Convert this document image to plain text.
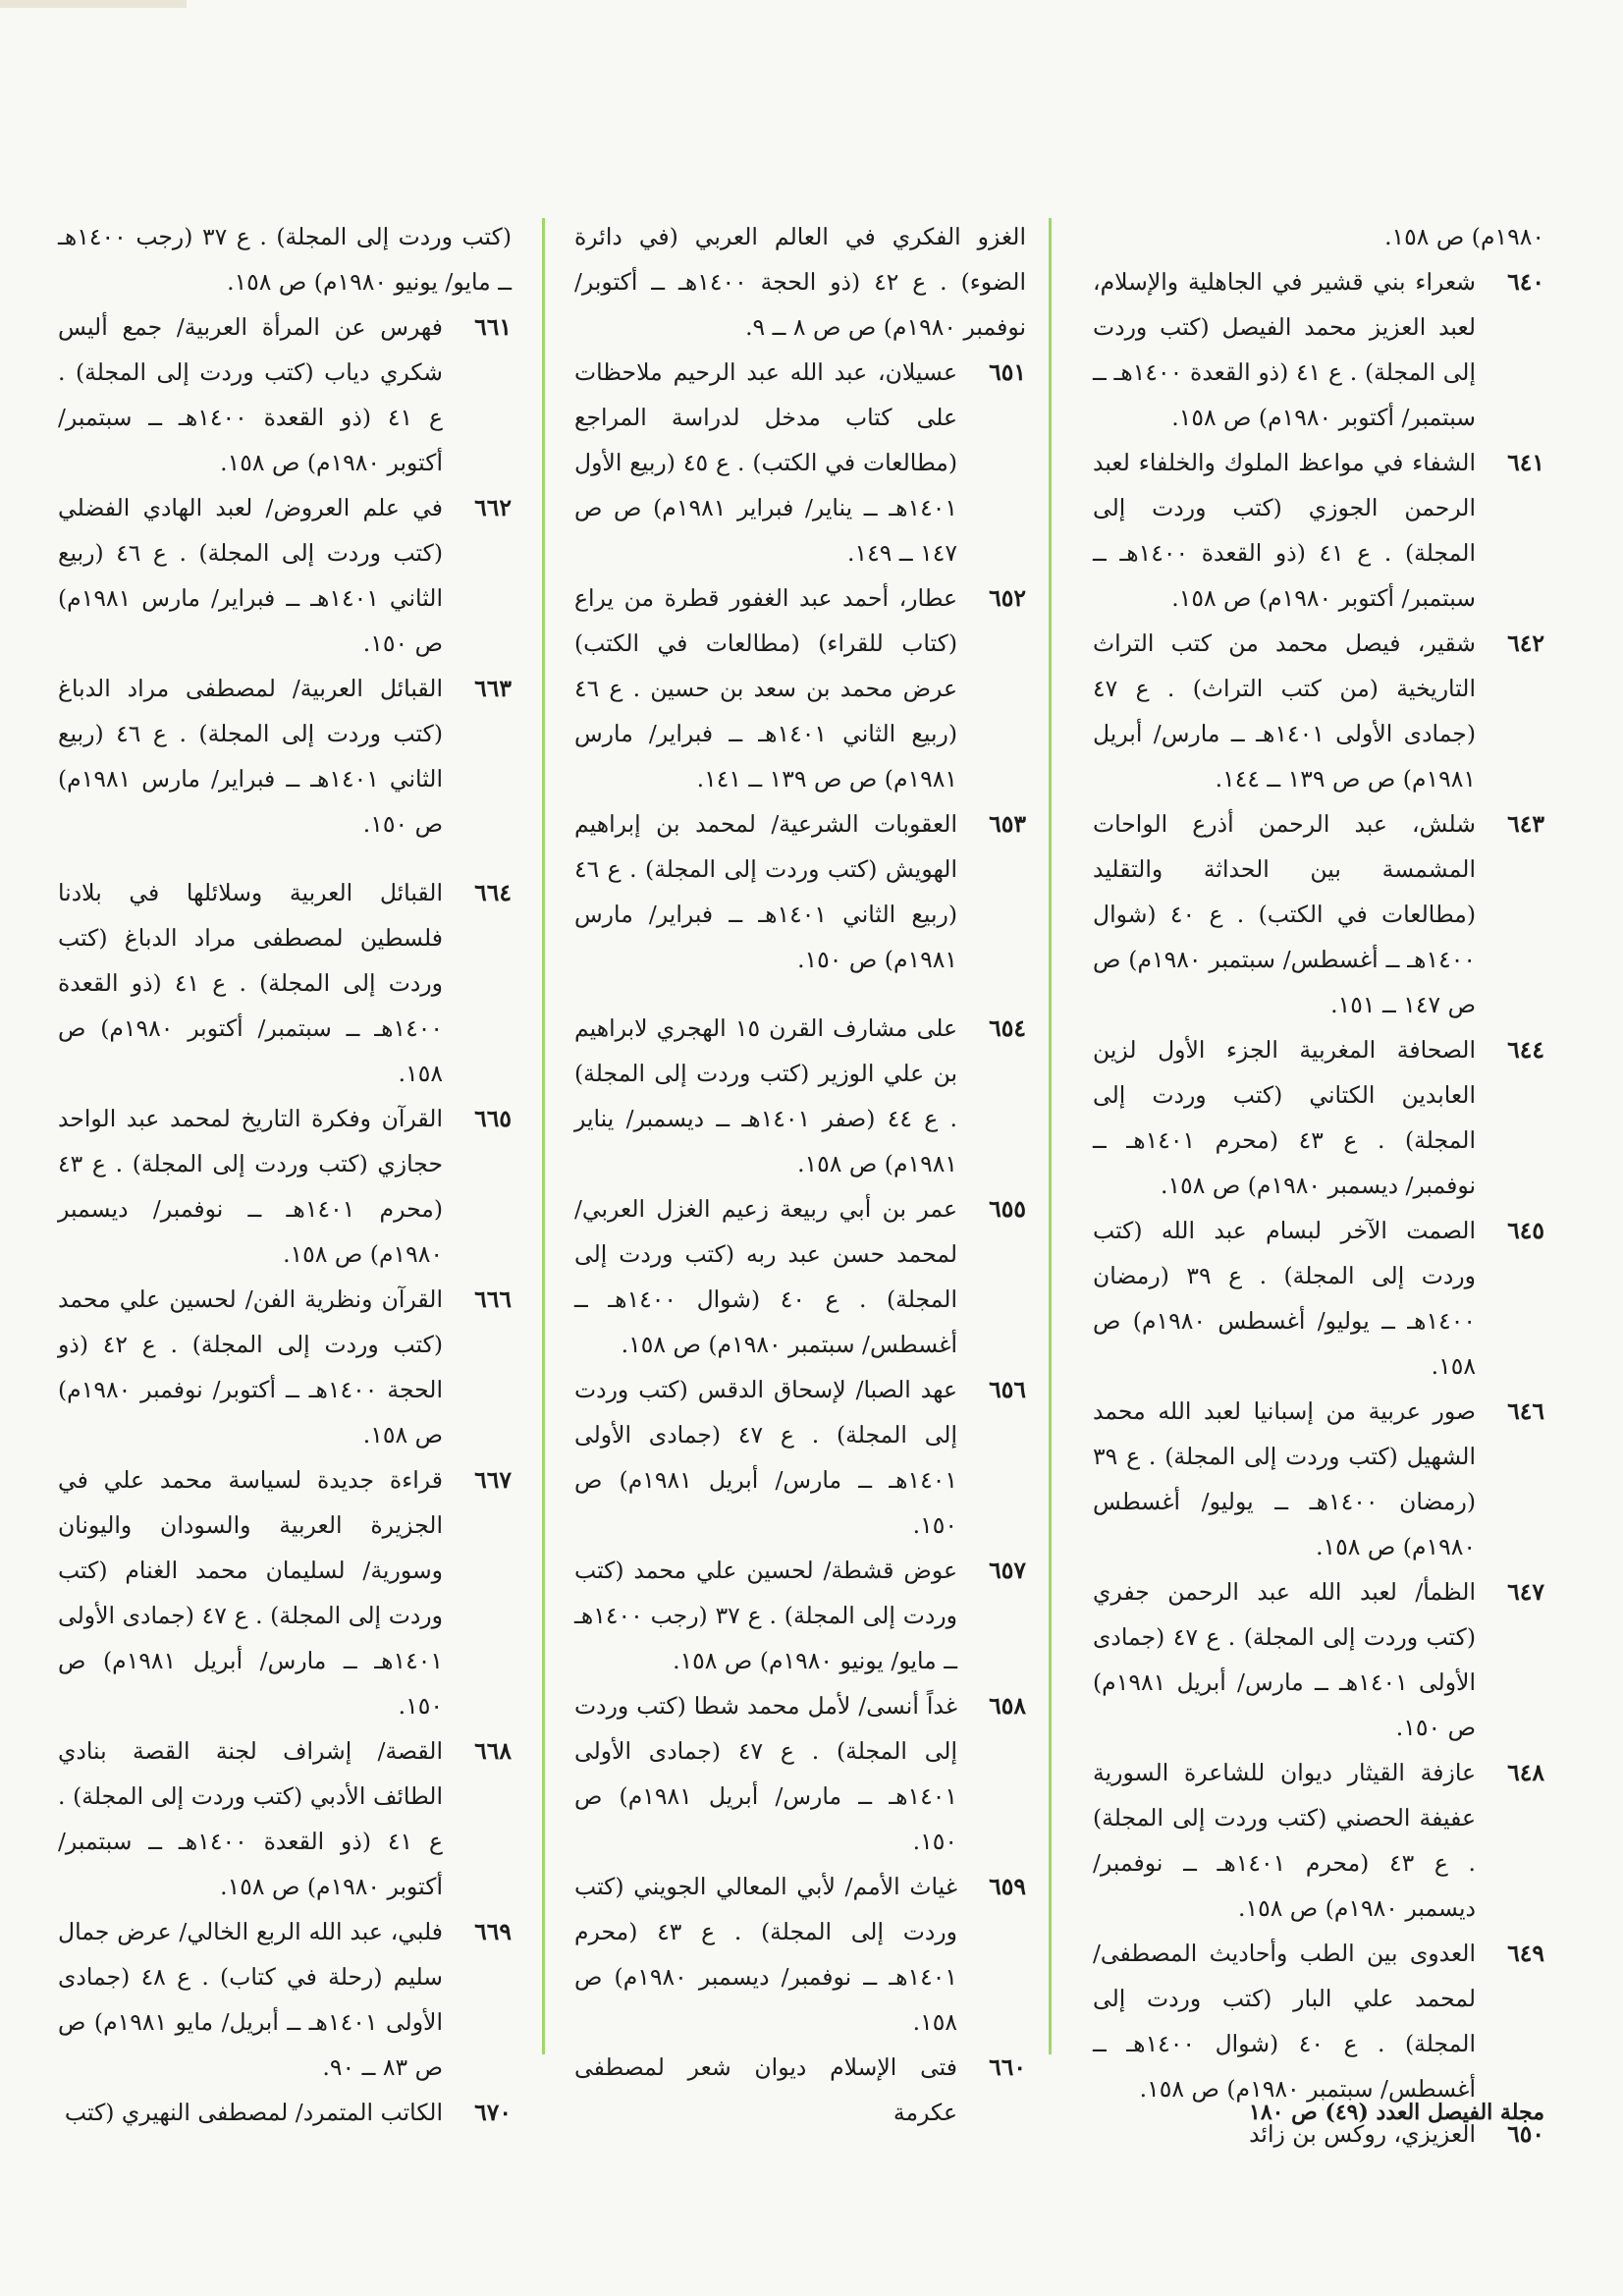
١٩٨٠م) ص ١٥٨.

٦٤٠
شعراء بني قشير في الجاهلية والإسلام، لعبد العزيز محمد الفيصل (كتب وردت إلى المجلة) . ع ٤١ (ذو القعدة ١٤٠٠هـ ــ سبتمبر/ أكتوبر ١٩٨٠م) ص ١٥٨.

٦٤١
الشفاء في مواعظ الملوك والخلفاء لعبد الرحمن الجوزي (كتب وردت إلى المجلة) . ع ٤١ (ذو القعدة ١٤٠٠هـ ــ سبتمبر/ أكتوبر ١٩٨٠م) ص ١٥٨.

٦٤٢
شقير، فيصل محمد من كتب التراث التاريخية (من كتب التراث) . ع ٤٧ (جمادى الأولى ١٤٠١هـ ــ مارس/ أبريل ١٩٨١م) ص ص ١٣٩ ــ ١٤٤.

٦٤٣
شلش، عبد الرحمن أذرع الواحات المشمسة بين الحداثة والتقليد (مطالعات في الكتب) . ع ٤٠ (شوال ١٤٠٠هـ ــ أغسطس/ سبتمبر ١٩٨٠م) ص ص ١٤٧ ــ ١٥١.

٦٤٤
الصحافة المغربية الجزء الأول لزين العابدين الكتاني (كتب وردت إلى المجلة) . ع ٤٣ (محرم ١٤٠١هـ ــ نوفمبر/ ديسمبر ١٩٨٠م) ص ١٥٨.

٦٤٥
الصمت الآخر لبسام عبد الله (كتب وردت إلى المجلة) . ع ٣٩ (رمضان ١٤٠٠هـ ــ يوليو/ أغسطس ١٩٨٠م) ص ١٥٨.

٦٤٦
صور عربية من إسبانيا لعبد الله محمد الشهيل (كتب وردت إلى المجلة) . ع ٣٩ (رمضان ١٤٠٠هـ ــ يوليو/ أغسطس ١٩٨٠م) ص ١٥٨.

٦٤٧
الظمأ/ لعبد الله عبد الرحمن جفري (كتب وردت إلى المجلة) . ع ٤٧ (جمادى الأولى ١٤٠١هـ ــ مارس/ أبريل ١٩٨١م) ص ١٥٠.

٦٤٨
عازفة القيثار ديوان للشاعرة السورية عفيفة الحصني (كتب وردت إلى المجلة) . ع ٤٣ (محرم ١٤٠١هـ ــ نوفمبر/ ديسمبر ١٩٨٠م) ص ١٥٨.

٦٤٩
العدوى بين الطب وأحاديث المصطفى/ لمحمد علي البار (كتب وردت إلى المجلة) . ع ٤٠ (شوال ١٤٠٠هـ ــ أغسطس/ سبتمبر ١٩٨٠م) ص ١٥٨.

٦٥٠
العزيزي، روكس بن زائد

الغزو الفكري في العالم العربي (في دائرة الضوء) . ع ٤٢ (ذو الحجة ١٤٠٠هـ ــ أكتوبر/ نوفمبر ١٩٨٠م) ص ص ٨ ــ ٩.

٦٥١
عسيلان، عبد الله عبد الرحيم ملاحظات على كتاب مدخل لدراسة المراجع (مطالعات في الكتب) . ع ٤٥ (ربيع الأول ١٤٠١هـ ــ يناير/ فبراير ١٩٨١م) ص ص ١٤٧ ــ ١٤٩.

٦٥٢
عطار، أحمد عبد الغفور قطرة من يراع (كتاب للقراء) (مطالعات في الكتب) عرض محمد بن سعد بن حسين . ع ٤٦ (ربيع الثاني ١٤٠١هـ ــ فبراير/ مارس ١٩٨١م) ص ص ١٣٩ ــ ١٤١.

٦٥٣
العقوبات الشرعية/ لمحمد بن إبراهيم الهويش (كتب وردت إلى المجلة) . ع ٤٦ (ربيع الثاني ١٤٠١هـ ــ فبراير/ مارس ١٩٨١م) ص ١٥٠.

٦٥٤
على مشارف القرن ١٥ الهجري لابراهيم بن علي الوزير (كتب وردت إلى المجلة) . ع ٤٤ (صفر ١٤٠١هـ ــ ديسمبر/ يناير ١٩٨١م) ص ١٥٨.

٦٥٥
عمر بن أبي ربيعة زعيم الغزل العربي/ لمحمد حسن عبد ربه (كتب وردت إلى المجلة) . ع ٤٠ (شوال ١٤٠٠هـ ــ أغسطس/ سبتمبر ١٩٨٠م) ص ١٥٨.

٦٥٦
عهد الصبا/ لإسحاق الدقس (كتب وردت إلى المجلة) . ع ٤٧ (جمادى الأولى ١٤٠١هـ ــ مارس/ أبريل ١٩٨١م) ص ١٥٠.

٦٥٧
عوض قشطة/ لحسين علي محمد (كتب وردت إلى المجلة) . ع ٣٧ (رجب ١٤٠٠هـ ــ مايو/ يونيو ١٩٨٠م) ص ١٥٨.

٦٥٨
غداً أنسى/ لأمل محمد شطا (كتب وردت إلى المجلة) . ع ٤٧ (جمادى الأولى ١٤٠١هـ ــ مارس/ أبريل ١٩٨١م) ص ١٥٠.

٦٥٩
غياث الأمم/ لأبي المعالي الجويني (كتب وردت إلى المجلة) . ع ٤٣ (محرم ١٤٠١هـ ــ نوفمبر/ ديسمبر ١٩٨٠م) ص ١٥٨.

٦٦٠
فتى الإسلام ديوان شعر لمصطفى عكرمة

(كتب وردت إلى المجلة) . ع ٣٧ (رجب ١٤٠٠هـ ــ مايو/ يونيو ١٩٨٠م) ص ١٥٨.

٦٦١
فهرس عن المرأة العربية/ جمع أليس شكري دياب (كتب وردت إلى المجلة) . ع ٤١ (ذو القعدة ١٤٠٠هـ ــ سبتمبر/ أكتوبر ١٩٨٠م) ص ١٥٨.

٦٦٢
في علم العروض/ لعبد الهادي الفضلي (كتب وردت إلى المجلة) . ع ٤٦ (ربيع الثاني ١٤٠١هـ ــ فبراير/ مارس ١٩٨١م) ص ١٥٠.

٦٦٣
القبائل العربية/ لمصطفى مراد الدباغ (كتب وردت إلى المجلة) . ع ٤٦ (ربيع الثاني ١٤٠١هـ ــ فبراير/ مارس ١٩٨١م) ص ١٥٠.

٦٦٤
القبائل العربية وسلائلها في بلادنا فلسطين لمصطفى مراد الدباغ (كتب وردت إلى المجلة) . ع ٤١ (ذو القعدة ١٤٠٠هـ ــ سبتمبر/ أكتوبر ١٩٨٠م) ص ١٥٨.

٦٦٥
القرآن وفكرة التاريخ لمحمد عبد الواحد حجازي (كتب وردت إلى المجلة) . ع ٤٣ (محرم ١٤٠١هـ ــ نوفمبر/ ديسمبر ١٩٨٠م) ص ١٥٨.

٦٦٦
القرآن ونظرية الفن/ لحسين علي محمد (كتب وردت إلى المجلة) . ع ٤٢ (ذو الحجة ١٤٠٠هـ ــ أكتوبر/ نوفمبر ١٩٨٠م) ص ١٥٨.

٦٦٧
قراءة جديدة لسياسة محمد علي في الجزيرة العربية والسودان واليونان وسورية/ لسليمان محمد الغنام (كتب وردت إلى المجلة) . ع ٤٧ (جمادى الأولى ١٤٠١هـ ــ مارس/ أبريل ١٩٨١م) ص ١٥٠.

٦٦٨
القصة/ إشراف لجنة القصة بنادي الطائف الأدبي (كتب وردت إلى المجلة) . ع ٤١ (ذو القعدة ١٤٠٠هـ ــ سبتمبر/ أكتوبر ١٩٨٠م) ص ١٥٨.

٦٦٩
فلبي، عبد الله الربع الخالي/ عرض جمال سليم (رحلة في كتاب) . ع ٤٨ (جمادى الأولى ١٤٠١هـ ــ أبريل/ مايو ١٩٨١م) ص ص ٨٣ ــ ٩٠.

٦٧٠
الكاتب المتمرد/ لمصطفى النهيري (كتب	مجلة الفيصل العدد (٤٩) ص ١٨٠
